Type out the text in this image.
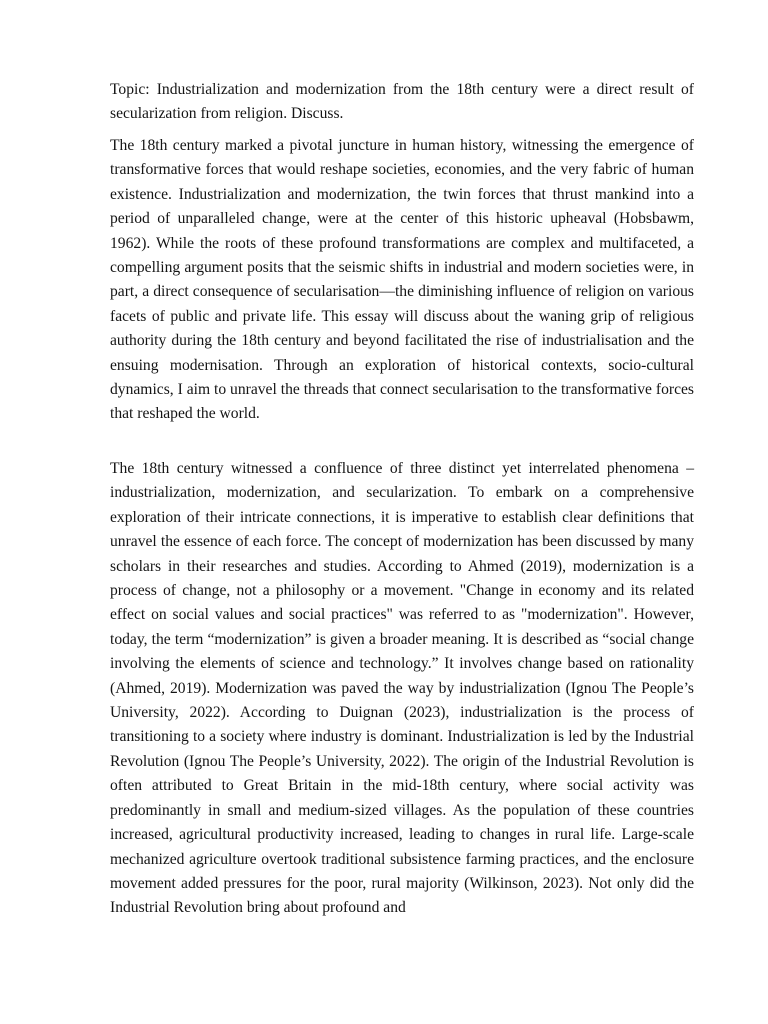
Topic: Industrialization and modernization from the 18th century were a direct result of secularization from religion. Discuss.

The 18th century marked a pivotal juncture in human history, witnessing the emergence of transformative forces that would reshape societies, economies, and the very fabric of human existence. Industrialization and modernization, the twin forces that thrust mankind into a period of unparalleled change, were at the center of this historic upheaval (Hobsbawm, 1962). While the roots of these profound transformations are complex and multifaceted, a compelling argument posits that the seismic shifts in industrial and modern societies were, in part, a direct consequence of secularisation—the diminishing influence of religion on various facets of public and private life. This essay will discuss about the waning grip of religious authority during the 18th century and beyond facilitated the rise of industrialisation and the ensuing modernisation. Through an exploration of historical contexts, socio-cultural dynamics, I aim to unravel the threads that connect secularisation to the transformative forces that reshaped the world.

The 18th century witnessed a confluence of three distinct yet interrelated phenomena – industrialization, modernization, and secularization. To embark on a comprehensive exploration of their intricate connections, it is imperative to establish clear definitions that unravel the essence of each force. The concept of modernization has been discussed by many scholars in their researches and studies. According to Ahmed (2019), modernization is a process of change, not a philosophy or a movement. "Change in economy and its related effect on social values and social practices" was referred to as "modernization". However, today, the term “modernization” is given a broader meaning. It is described as “social change involving the elements of science and technology.” It involves change based on rationality (Ahmed, 2019). Modernization was paved the way by industrialization (Ignou The People’s University, 2022). According to Duignan (2023), industrialization is the process of transitioning to a society where industry is dominant. Industrialization is led by the Industrial Revolution (Ignou The People’s University, 2022). The origin of the Industrial Revolution is often attributed to Great Britain in the mid-18th century, where social activity was predominantly in small and medium-sized villages. As the population of these countries increased, agricultural productivity increased, leading to changes in rural life. Large-scale mechanized agriculture overtook traditional subsistence farming practices, and the enclosure movement added pressures for the poor, rural majority (Wilkinson, 2023). Not only did the Industrial Revolution bring about profound and
